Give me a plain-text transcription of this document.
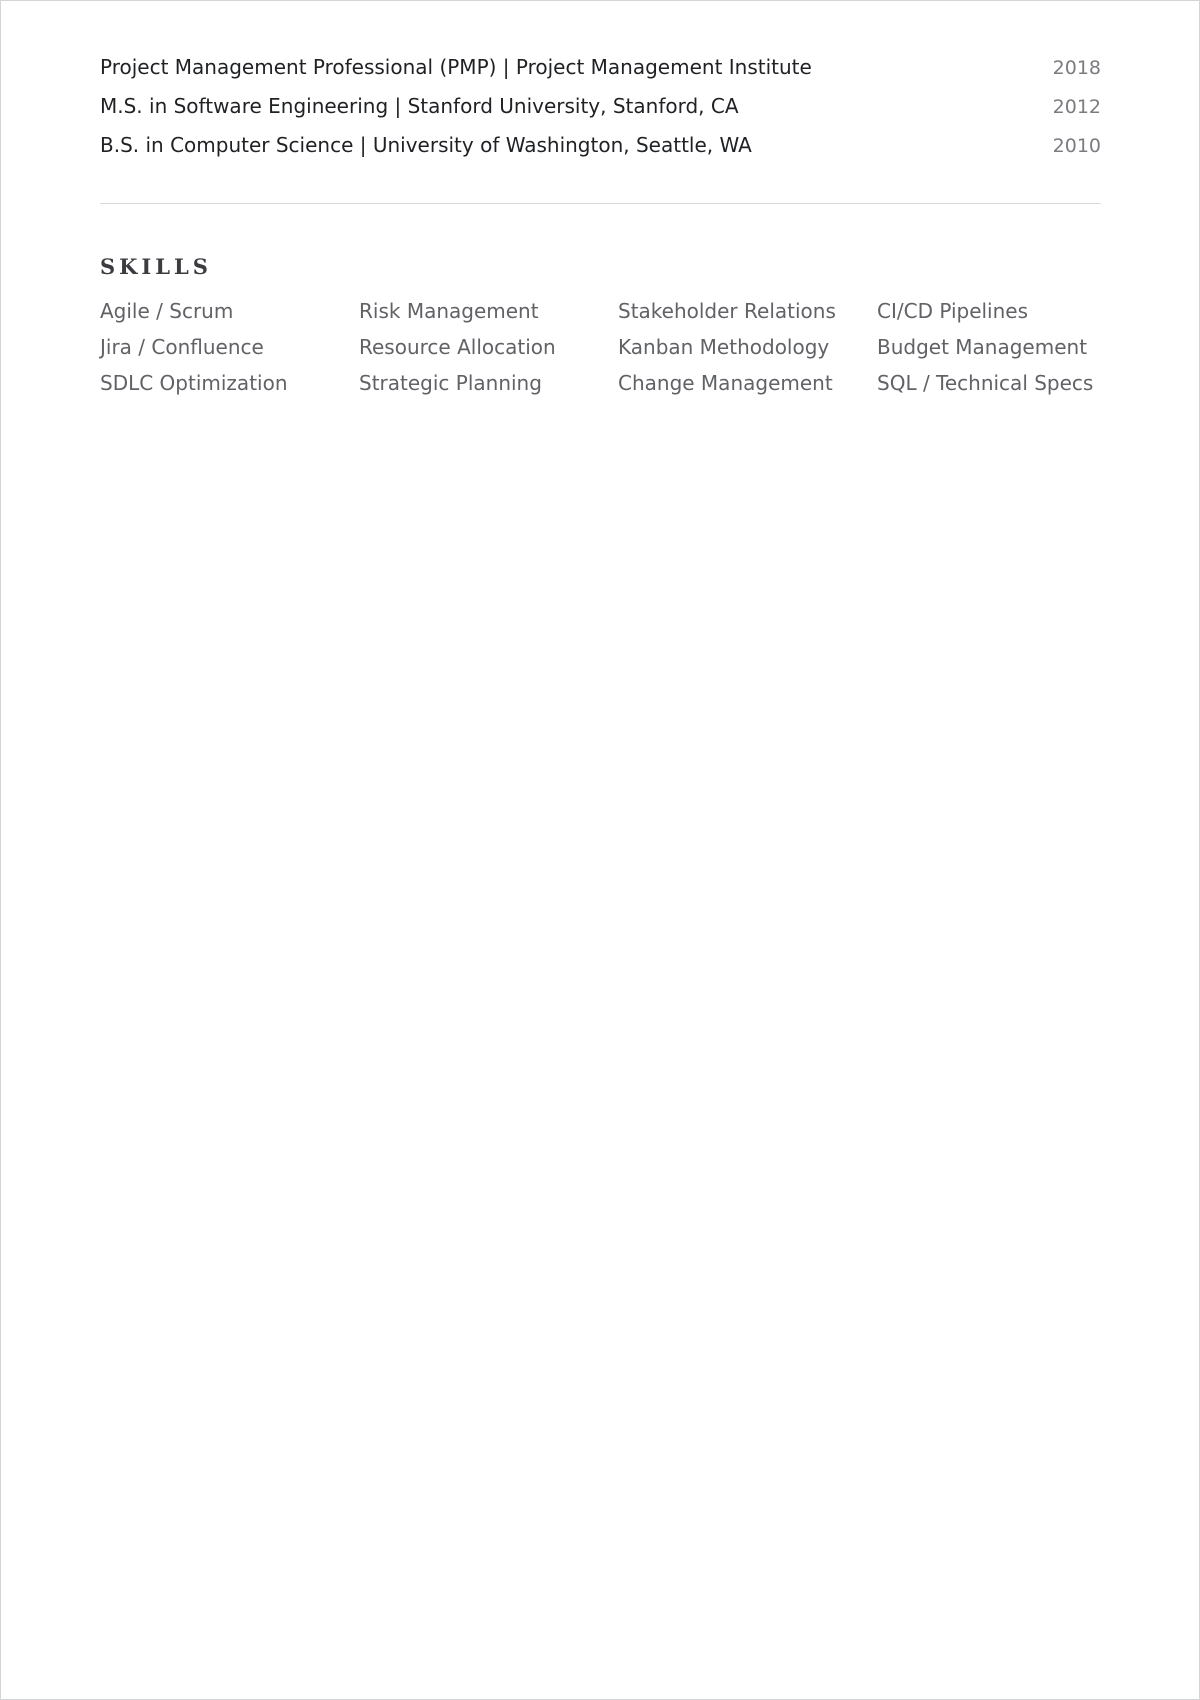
Project Management Professional (PMP) | Project Management Institute	2018
M.S. in Software Engineering | Stanford University, Stanford, CA	2012
B.S. in Computer Science | University of Washington, Seattle, WA	2010
SKILLS
Agile / Scrum	Risk Management	Stakeholder Relations	CI/CD Pipelines
Jira / Confluence	Resource Allocation	Kanban Methodology	Budget Management
SDLC Optimization	Strategic Planning	Change Management	SQL / Technical Specs
